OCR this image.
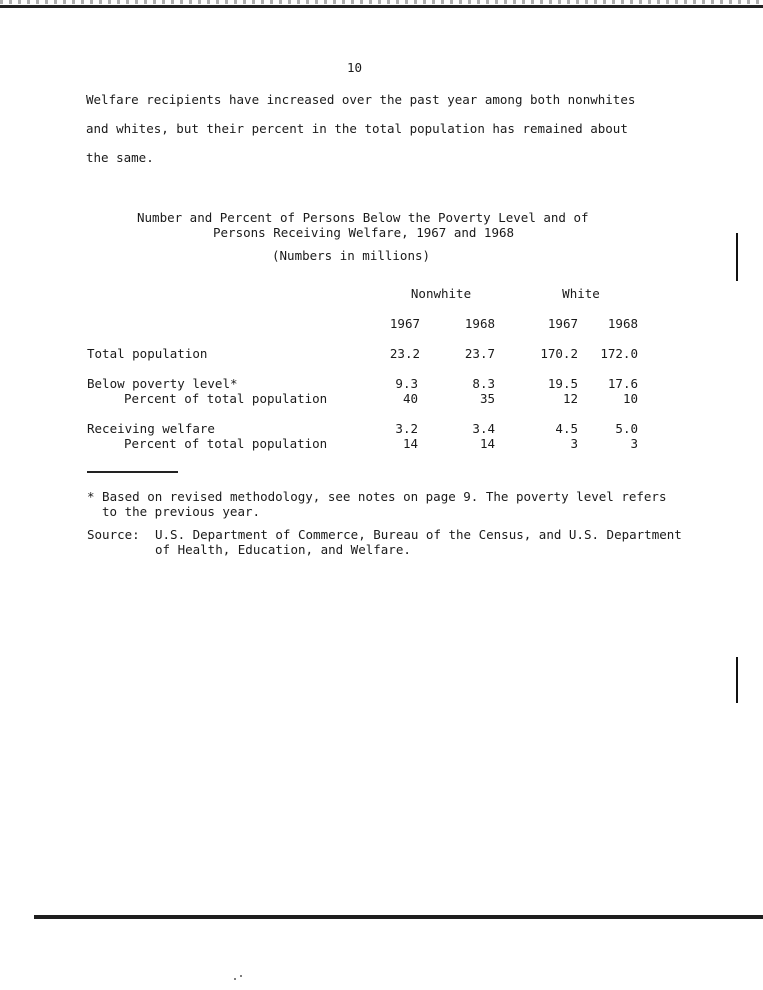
10
Welfare recipients have increased over the past year among both nonwhites
and whites, but their percent in the total population has remained about
the same.
Number and Percent of Persons Below the Poverty Level and of
Persons Receiving Welfare, 1967 and 1968
(Numbers in millions)
Nonwhite	White
1967	1968	1967	1968
Total population	23.2	23.7	170.2	172.0
Below poverty level*	9.3	8.3	19.5	17.6
Percent of total population	40	35	12	10
Receiving welfare	3.2	3.4	4.5	5.0
Percent of total population	14	14	3	3
* Based on revised methodology, see notes on page 9. The poverty level refers
to the previous year.
Source: U.S. Department of Commerce, Bureau of the Census, and U.S. Department
of Health, Education, and Welfare.
